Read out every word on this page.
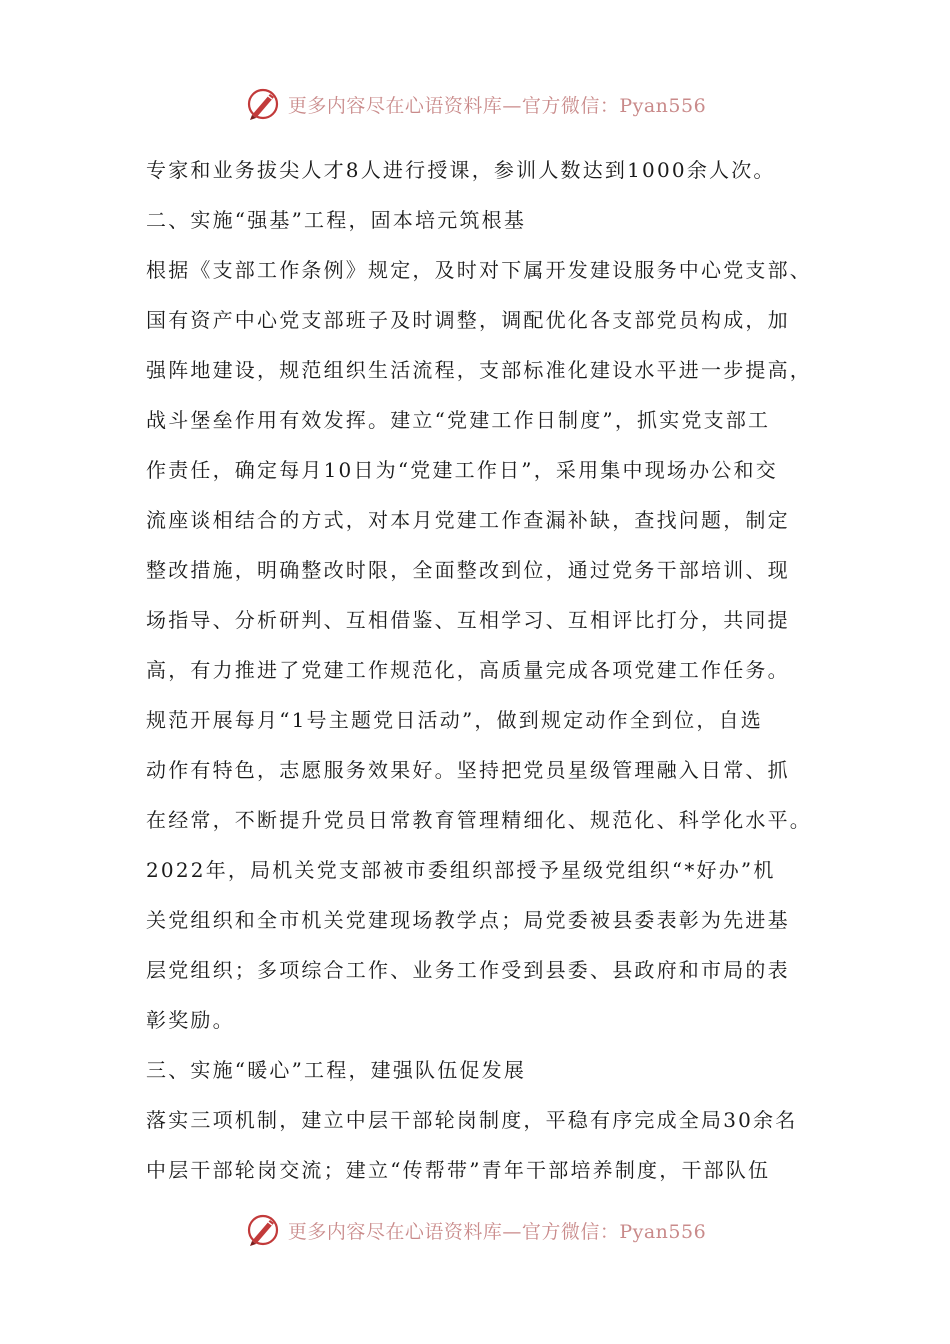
更多内容尽在心语资料库—官方微信：Pyan556
专家和业务拔尖人才8人进行授课，参训人数达到1000余人次。
二、实施“强基”工程，固本培元筑根基
根据《支部工作条例》规定，及时对下属开发建设服务中心党支部、
国有资产中心党支部班子及时调整，调配优化各支部党员构成，加
强阵地建设，规范组织生活流程，支部标准化建设水平进一步提高，
战斗堡垒作用有效发挥。建立“党建工作日制度”，抓实党支部工
作责任，确定每月10日为“党建工作日”，采用集中现场办公和交
流座谈相结合的方式，对本月党建工作查漏补缺，查找问题，制定
整改措施，明确整改时限，全面整改到位，通过党务干部培训、现
场指导、分析研判、互相借鉴、互相学习、互相评比打分，共同提
高，有力推进了党建工作规范化，高质量完成各项党建工作任务。
规范开展每月“1号主题党日活动”，做到规定动作全到位，自选
动作有特色，志愿服务效果好。坚持把党员星级管理融入日常、抓
在经常，不断提升党员日常教育管理精细化、规范化、科学化水平。
2022年，局机关党支部被市委组织部授予星级党组织“*好办”机
关党组织和全市机关党建现场教学点；局党委被县委表彰为先进基
层党组织；多项综合工作、业务工作受到县委、县政府和市局的表
彰奖励。
三、实施“暖心”工程，建强队伍促发展
落实三项机制，建立中层干部轮岗制度，平稳有序完成全局30余名
中层干部轮岗交流；建立“传帮带”青年干部培养制度，干部队伍
更多内容尽在心语资料库—官方微信：Pyan556
